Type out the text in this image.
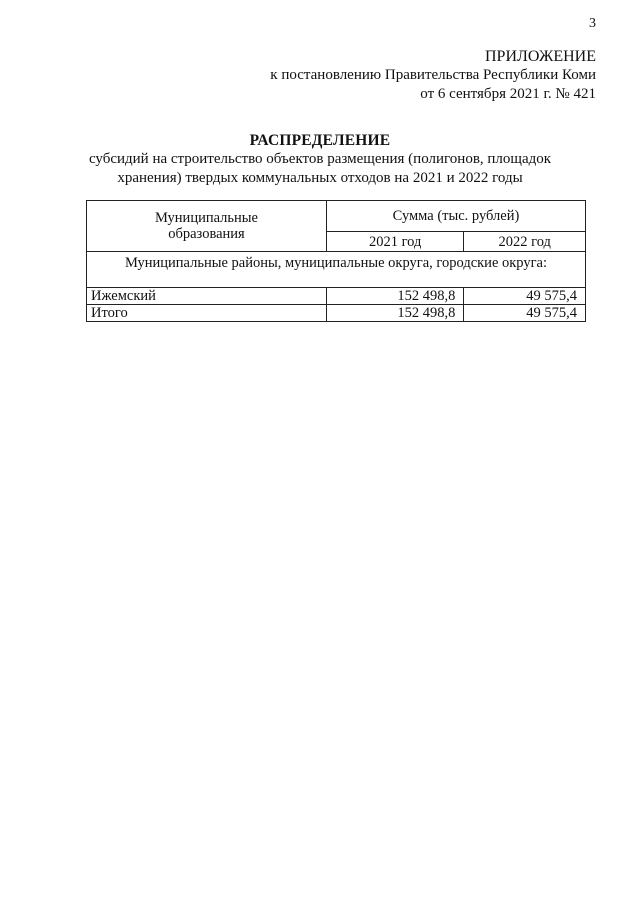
3
ПРИЛОЖЕНИЕ
к постановлению Правительства Республики Коми
от 6 сентября 2021 г. № 421
РАСПРЕДЕЛЕНИЕ
субсидий на строительство объектов размещения (полигонов, площадок
хранения) твердых коммунальных отходов на 2021 и 2022 годы
Муниципальные
образования	Сумма (тыс. рублей)	
	2021 год	2022 год
Муниципальные районы, муниципальные округа, городские округа:		
Ижемский	152 498,8	49 575,4
Итого	152 498,8	49 575,4
